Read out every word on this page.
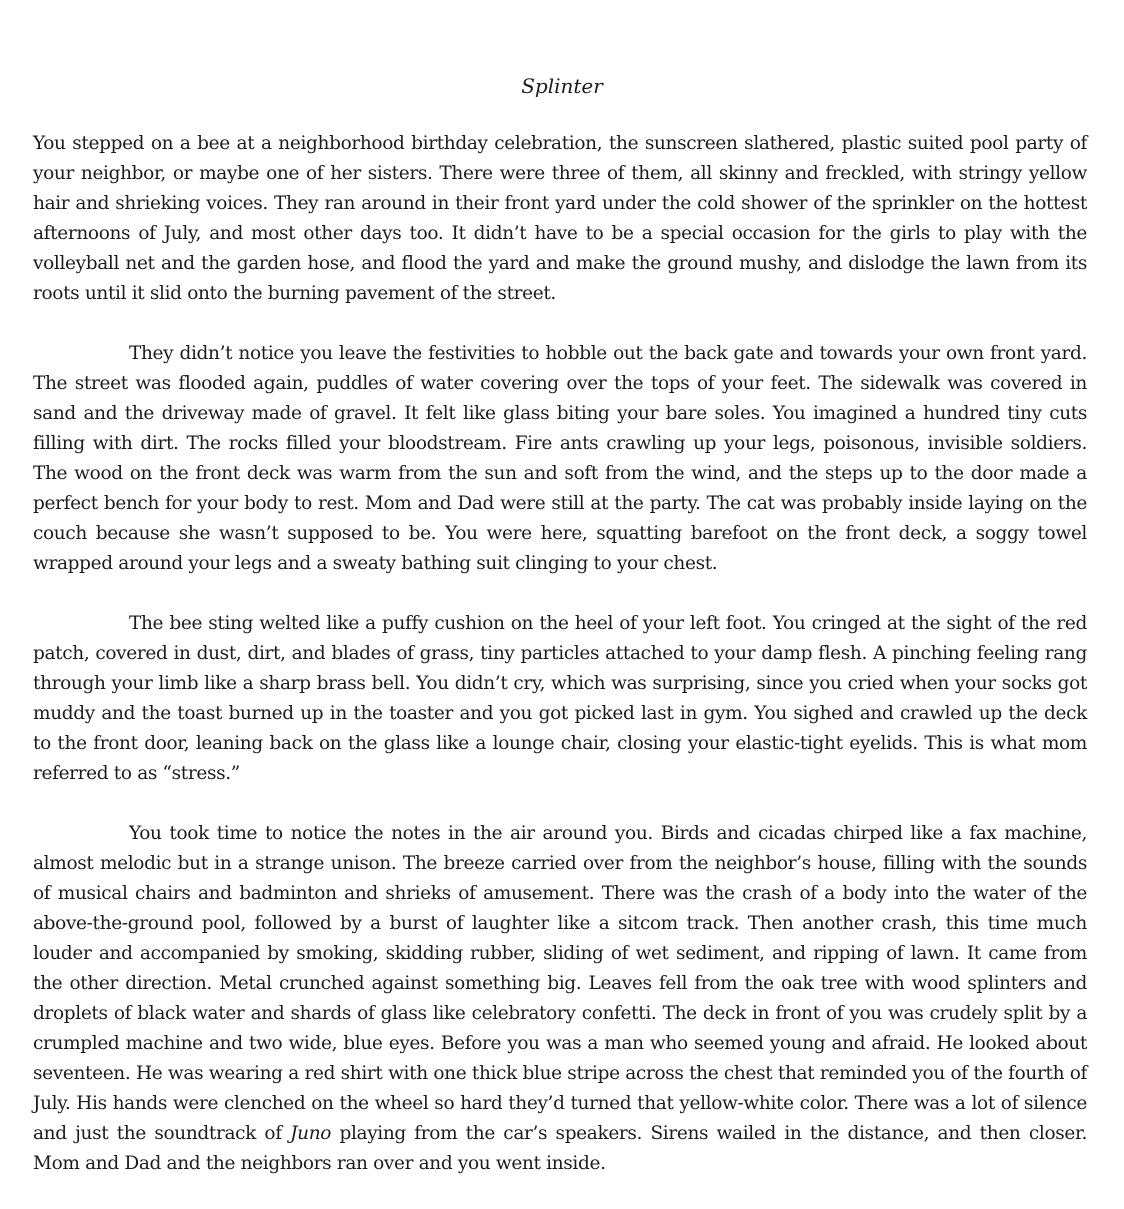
Splinter

You stepped on a bee at a neighborhood birthday celebration, the sunscreen slathered, plastic suited pool party of your neighbor, or maybe one of her sisters. There were three of them, all skinny and freckled, with stringy yellow hair and shrieking voices. They ran around in their front yard under the cold shower of the sprinkler on the hottest afternoons of July, and most other days too. It didn’t have to be a special occasion for the girls to play with the volleyball net and the garden hose, and flood the yard and make the ground mushy, and dislodge the lawn from its roots until it slid onto the burning pavement of the street.

They didn’t notice you leave the festivities to hobble out the back gate and towards your own front yard. The street was flooded again, puddles of water covering over the tops of your feet. The sidewalk was covered in sand and the driveway made of gravel. It felt like glass biting your bare soles. You imagined a hundred tiny cuts filling with dirt. The rocks filled your bloodstream. Fire ants crawling up your legs, poisonous, invisible soldiers. The wood on the front deck was warm from the sun and soft from the wind, and the steps up to the door made a perfect bench for your body to rest. Mom and Dad were still at the party. The cat was probably inside laying on the couch because she wasn’t supposed to be. You were here, squatting barefoot on the front deck, a soggy towel wrapped around your legs and a sweaty bathing suit clinging to your chest.

The bee sting welted like a puffy cushion on the heel of your left foot. You cringed at the sight of the red patch, covered in dust, dirt, and blades of grass, tiny particles attached to your damp flesh. A pinching feeling rang through your limb like a sharp brass bell. You didn’t cry, which was surprising, since you cried when your socks got muddy and the toast burned up in the toaster and you got picked last in gym. You sighed and crawled up the deck to the front door, leaning back on the glass like a lounge chair, closing your elastic-tight eyelids. This is what mom referred to as “stress.”

You took time to notice the notes in the air around you. Birds and cicadas chirped like a fax machine, almost melodic but in a strange unison. The breeze carried over from the neighbor’s house, filling with the sounds of musical chairs and badminton and shrieks of amusement. There was the crash of a body into the water of the above-the-ground pool, followed by a burst of laughter like a sitcom track. Then another crash, this time much louder and accompanied by smoking, skidding rubber, sliding of wet sediment, and ripping of lawn. It came from the other direction. Metal crunched against something big. Leaves fell from the oak tree with wood splinters and droplets of black water and shards of glass like celebratory confetti. The deck in front of you was crudely split by a crumpled machine and two wide, blue eyes. Before you was a man who seemed young and afraid. He looked about seventeen. He was wearing a red shirt with one thick blue stripe across the chest that reminded you of the fourth of July. His hands were clenched on the wheel so hard they’d turned that yellow-white color. There was a lot of silence and just the soundtrack of Juno playing from the car’s speakers. Sirens wailed in the distance, and then closer. Mom and Dad and the neighbors ran over and you went inside.
